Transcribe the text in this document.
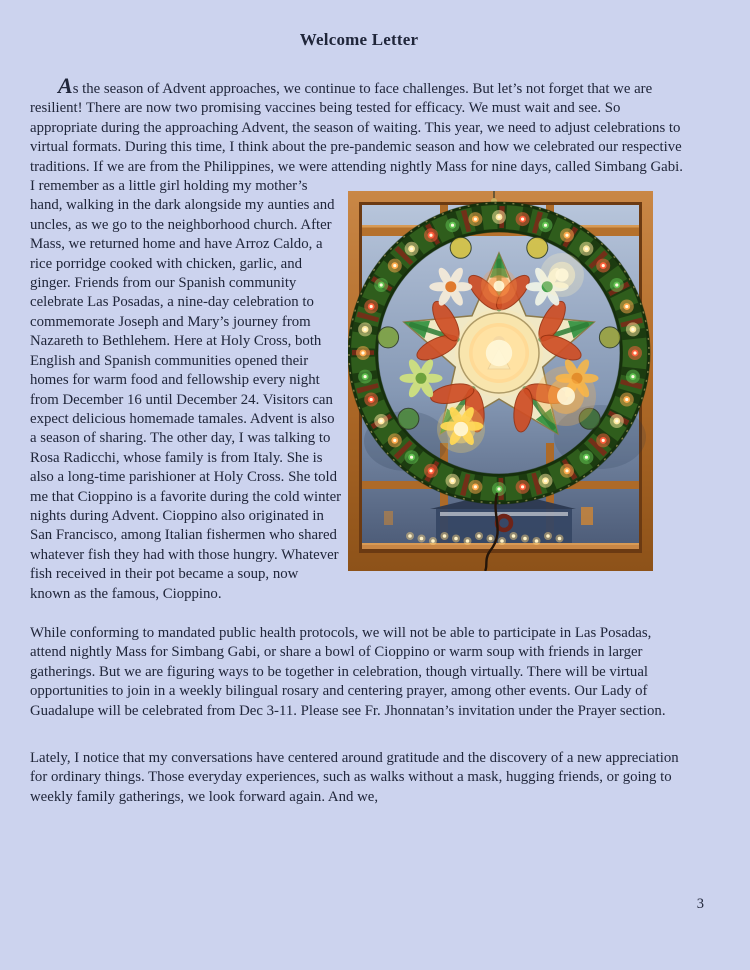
Welcome Letter
As the season of Advent approaches, we continue to face challenges. But let’s not forget that we are resilient! There are now two promising vaccines being tested for efficacy. We must wait and see. So appropriate during the approaching Advent, the season of waiting. This year, we need to adjust celebrations to virtual formats. During this time, I think about the pre-pandemic season and how we celebrated our respective traditions. If we are from the Philippines, we were attending nightly Mass for nine days, called Simbang Gabi. I remember as a little girl holding my
mother’s hand, walking in the dark alongside my aunties and uncles, as we go to the neighborhood church. After Mass, we returned home and have Arroz Caldo, a rice porridge cooked with chicken, garlic, and ginger. Friends from our Spanish community celebrate Las Posadas, a nine-day celebration to commemorate Joseph and Mary’s journey from Nazareth to Bethlehem. Here at Holy Cross, both English and Spanish communities opened their homes for warm food and fellowship every night from December 16 until December 24. Visitors can expect delicious homemade tamales. Advent is also a season of sharing. The other day, I was talking to Rosa Radicchi, whose family is from Italy. She is also a long-time parishioner at Holy Cross. She told me that Cioppino is a favorite during the cold winter nights during Advent. Cioppino also originated in San Francisco, among Italian fishermen who shared whatever fish they had with those hungry. Whatever fish received in their pot became a soup, now known as the famous, Cioppino.
While conforming to mandated public health protocols, we will not be able to participate in Las Posadas, attend nightly Mass for Simbang Gabi, or share a bowl of Cioppino or warm soup with friends in larger gatherings. But we are figuring ways to be together in celebration, though virtually. There will be virtual opportunities to join in a weekly bilingual rosary and centering prayer, among other events. Our Lady of Guadalupe will be celebrated from Dec 3-11. Please see Fr. Jhonnatan’s invitation under the Prayer section.
Lately, I notice that my conversations have centered around gratitude and the discovery of a new appreciation for ordinary things. Those everyday experiences, such as walks without a mask, hugging friends, or going to weekly family gatherings, we look forward again. And we,
3
